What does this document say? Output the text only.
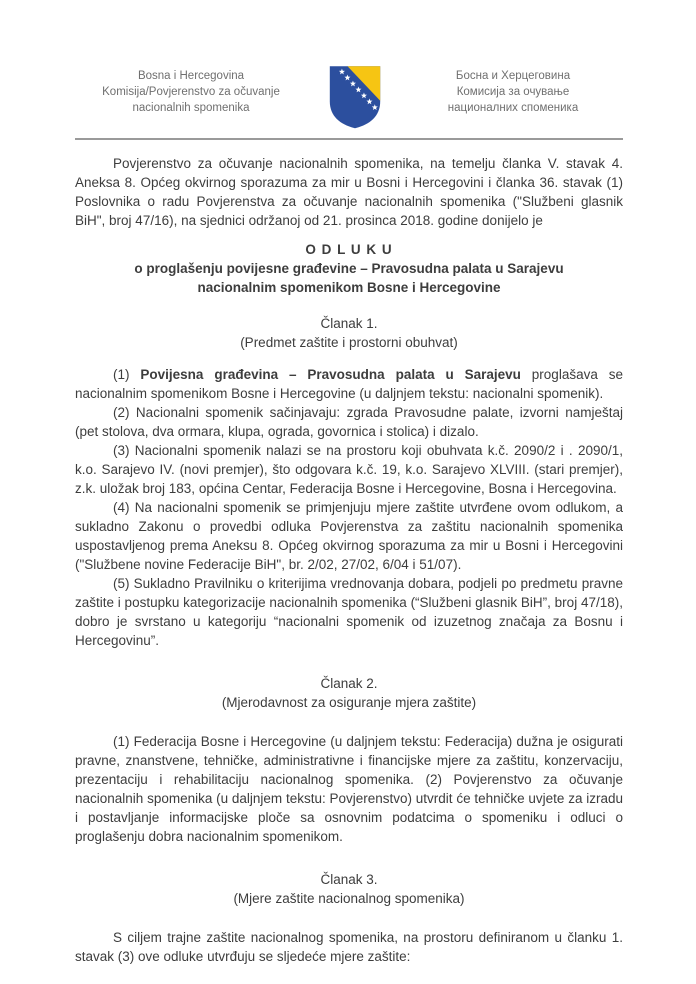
Bosna i Hercegovina
Komisija/Povjerenstvo za očuvanje
nacionalnih spomenika
Босна и Херцеговина
Комисија за очување
националних споменика

Povjerenstvo za očuvanje nacionalnih spomenika, na temelju članka V. stavak 4. Aneksa 8. Općeg okvirnog sporazuma za mir u Bosni i Hercegovini i članka 36. stavak (1) Poslovnika o radu Povjerenstva za očuvanje nacionalnih spomenika ("Službeni glasnik BiH", broj 47/16), na sjednici održanoj od 21. prosinca 2018. godine donijelo je

O D L U K U

o proglašenju povijesne građevine – Pravosudna palata u Sarajevu

nacionalnim spomenikom Bosne i Hercegovine

Članak 1.

(Predmet zaštite i prostorni obuhvat)

(1) Povijesna građevina – Pravosudna palata u Sarajevu proglašava se nacionalnim spomenikom Bosne i Hercegovine (u daljnjem tekstu: nacionalni spomenik).

(2) Nacionalni spomenik sačinjavaju: zgrada Pravosudne palate, izvorni namještaj (pet stolova, dva ormara, klupa, ograda, govornica i stolica) i dizalo.

(3) Nacionalni spomenik nalazi se na prostoru koji obuhvata k.č. 2090/2 i . 2090/1, k.o. Sarajevo IV. (novi premjer), što odgovara k.č. 19, k.o. Sarajevo XLVIII. (stari premjer), z.k. uložak broj 183, općina Centar, Federacija Bosne i Hercegovine, Bosna i Hercegovina.

(4) Na nacionalni spomenik se primjenjuju mjere zaštite utvrđene ovom odlukom, a sukladno Zakonu o provedbi odluka Povjerenstva za zaštitu nacionalnih spomenika uspostavljenog prema Aneksu 8. Općeg okvirnog sporazuma za mir u Bosni i Hercegovini ("Službene novine Federacije BiH", br. 2/02, 27/02, 6/04 i 51/07).

(5) Sukladno Pravilniku o kriterijima vrednovanja dobara, podjeli po predmetu pravne zaštite i postupku kategorizacije nacionalnih spomenika (“Službeni glasnik BiH”, broj 47/18), dobro je svrstano u kategoriju “nacionalni spomenik od izuzetnog značaja za Bosnu i Hercegovinu”.

Članak 2.

(Mjerodavnost za osiguranje mjera zaštite)

(1) Federacija Bosne i Hercegovine (u daljnjem tekstu: Federacija) dužna je osigurati pravne, znanstvene, tehničke, administrativne i financijske mjere za zaštitu, konzervaciju, prezentaciju i rehabilitaciju nacionalnog spomenika. (2) Povjerenstvo za očuvanje nacionalnih spomenika (u daljnjem tekstu: Povjerenstvo) utvrdit će tehničke uvjete za izradu i postavljanje informacijske ploče sa osnovnim podatcima o spomeniku i odluci o proglašenju dobra nacionalnim spomenikom.

Članak 3.

(Mjere zaštite nacionalnog spomenika)

S ciljem trajne zaštite nacionalnog spomenika, na prostoru definiranom u članku 1. stavak (3) ove odluke utvrđuju se sljedeće mjere zaštite:
